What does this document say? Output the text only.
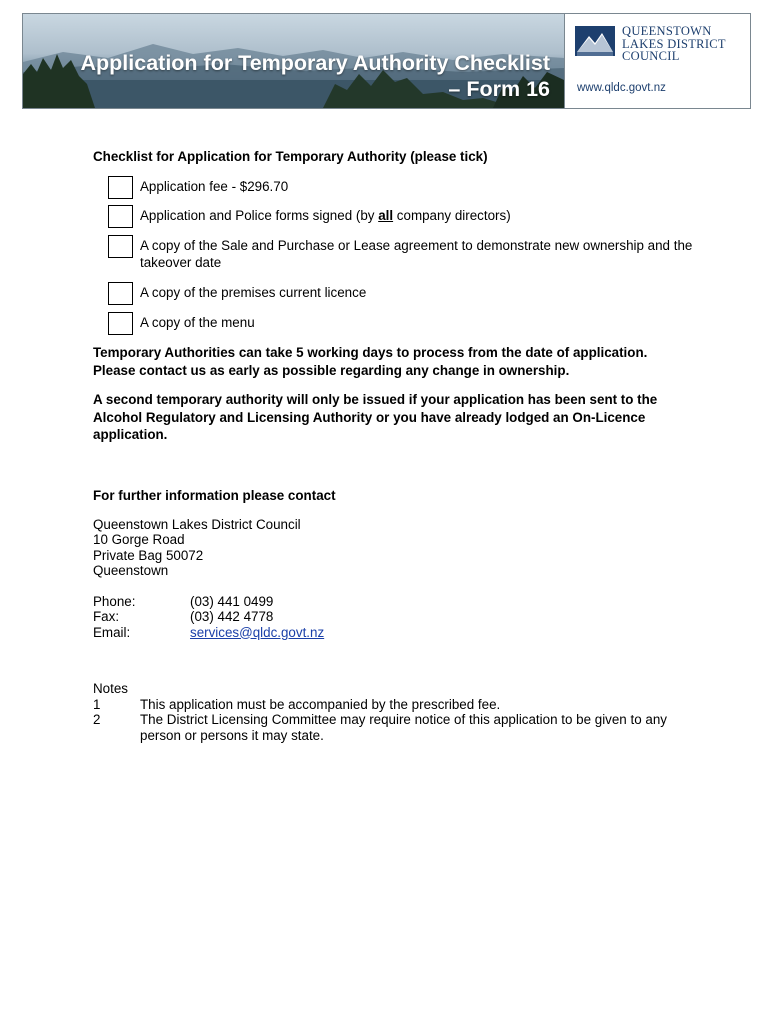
Application for Temporary Authority Checklist
– Form 16
QUEENSTOWN
LAKES DISTRICT
COUNCIL
www.qldc.govt.nz
Checklist for Application for Temporary Authority (please tick)
Application fee - $296.70
Application and Police forms signed (by all company directors)
A copy of the Sale and Purchase or Lease agreement to demonstrate new ownership and the takeover date
A copy of the premises current licence
A copy of the menu
Temporary Authorities can take 5 working days to process from the date of application. Please contact us as early as possible regarding any change in ownership.
A second temporary authority will only be issued if your application has been sent to the Alcohol Regulatory and Licensing Authority or you have already lodged an On-Licence application.
For further information please contact
Queenstown Lakes District Council
10 Gorge Road
Private Bag 50072
Queenstown
Phone:	(03) 441 0499
Fax:	(03) 442 4778
Email:	services@qldc.govt.nz
Notes
1	This application must be accompanied by the prescribed fee.
2	The District Licensing Committee may require notice of this application to be given to any person or persons it may state.
